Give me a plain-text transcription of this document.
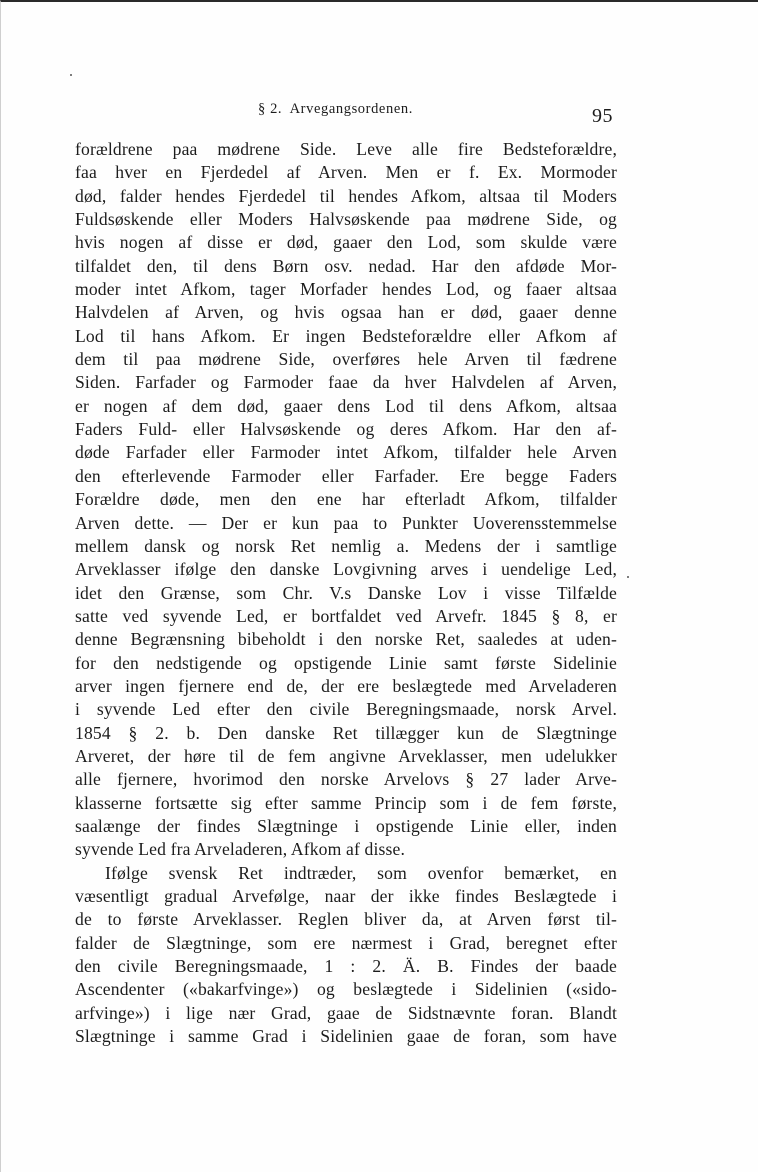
§ 2. Arvegangsordenen.	95
forældrene paa mødrene Side. Leve alle fire Bedsteforældre,
faa hver en Fjerdedel af Arven. Men er f. Ex. Mormoder
død, falder hendes Fjerdedel til hendes Afkom, altsaa til Moders
Fuldsøskende eller Moders Halvsøskende paa mødrene Side, og
hvis nogen af disse er død, gaaer den Lod, som skulde være
tilfaldet den, til dens Børn osv. nedad. Har den afdøde Mor-
moder intet Afkom, tager Morfader hendes Lod, og faaer altsaa
Halvdelen af Arven, og hvis ogsaa han er død, gaaer denne
Lod til hans Afkom. Er ingen Bedsteforældre eller Afkom af
dem til paa mødrene Side, overføres hele Arven til fædrene
Siden. Farfader og Farmoder faae da hver Halvdelen af Arven,
er nogen af dem død, gaaer dens Lod til dens Afkom, altsaa
Faders Fuld- eller Halvsøskende og deres Afkom. Har den af-
døde Farfader eller Farmoder intet Afkom, tilfalder hele Arven
den efterlevende Farmoder eller Farfader. Ere begge Faders
Forældre døde, men den ene har efterladt Afkom, tilfalder
Arven dette. — Der er kun paa to Punkter Uoverensstemmelse
mellem dansk og norsk Ret nemlig a. Medens der i samtlige
Arveklasser ifølge den danske Lovgivning arves i uendelige Led,
idet den Grænse, som Chr. V.s Danske Lov i visse Tilfælde
satte ved syvende Led, er bortfaldet ved Arvefr. 1845 § 8, er
denne Begrænsning bibeholdt i den norske Ret, saaledes at uden-
for den nedstigende og opstigende Linie samt første Sidelinie
arver ingen fjernere end de, der ere beslægtede med Arveladeren
i syvende Led efter den civile Beregningsmaade, norsk Arvel.
1854 § 2. b. Den danske Ret tillægger kun de Slægtninge
Arveret, der høre til de fem angivne Arveklasser, men udelukker
alle fjernere, hvorimod den norske Arvelovs § 27 lader Arve-
klasserne fortsætte sig efter samme Princip som i de fem første,
saalænge der findes Slægtninge i opstigende Linie eller, inden
syvende Led fra Arveladeren, Afkom af disse.
Ifølge svensk Ret indtræder, som ovenfor bemærket, en
væsentligt gradual Arvefølge, naar der ikke findes Beslægtede i
de to første Arveklasser. Reglen bliver da, at Arven først til-
falder de Slægtninge, som ere nærmest i Grad, beregnet efter
den civile Beregningsmaade, 1 : 2. Ä. B. Findes der baade
Ascendenter («bakarfvinge») og beslægtede i Sidelinien («sido-
arfvinge») i lige nær Grad, gaae de Sidstnævnte foran. Blandt
Slægtninge i samme Grad i Sidelinien gaae de foran, som have
